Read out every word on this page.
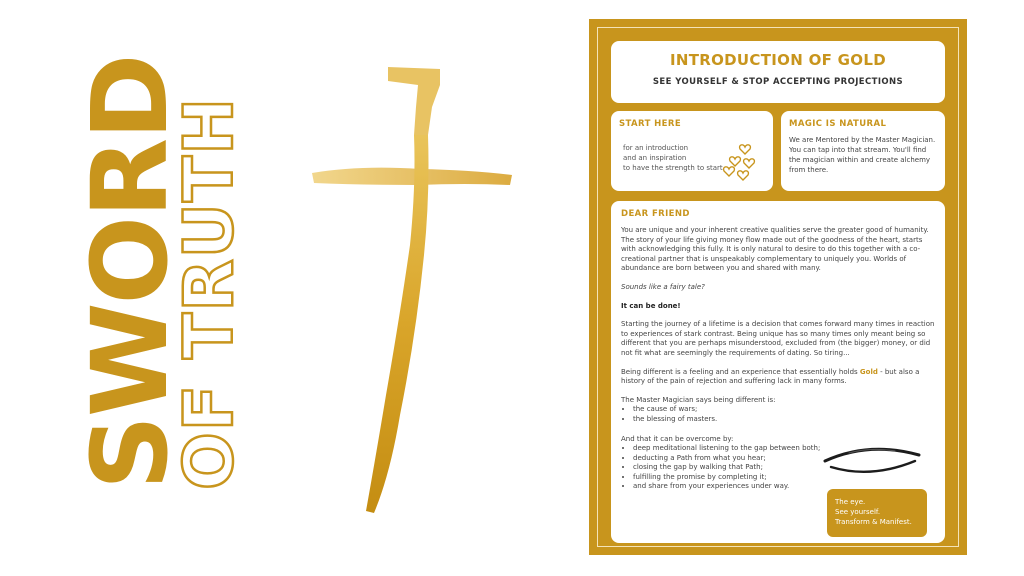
SWORD
OF TRUTH
INTRODUCTION OF GOLD
SEE YOURSELF & STOP ACCEPTING PROJECTIONS
START HERE
for an introduction
and an inspiration
to have the strength to start
MAGIC IS NATURAL
We are Mentored by the Master Magician. You can tap into that stream. You'll find the magician within and create alchemy from there.
DEAR FRIEND

You are unique and your inherent creative qualities serve the greater good of humanity. The story of your life giving money flow made out of the goodness of the heart, starts with acknowledging this fully. It is only natural to desire to do this together with a co-creational partner that is unspeakably complementary to uniquely you. Worlds of abundance are born between you and shared with many.

Sounds like a fairy tale?

It can be done!

Starting the journey of a lifetime is a decision that comes forward many times in reaction to experiences of stark contrast. Being unique has so many times only meant being so different that you are perhaps misunderstood, excluded from (the bigger) money, or did not fit what are seemingly the requirements of dating. So tiring...

Being different is a feeling and an experience that essentially holds Gold - but also a history of the pain of rejection and suffering lack in many forms.

The Master Magician says being different is:
• the cause of wars;
• the blessing of masters.
And that it can be overcome by:
• deep meditational listening to the gap between both;
• deducting a Path from what you hear;
• closing the gap by walking that Path;
• fulfilling the promise by completing it;
• and share from your experiences under way.
The eye.
See yourself.
Transform & Manifest.
